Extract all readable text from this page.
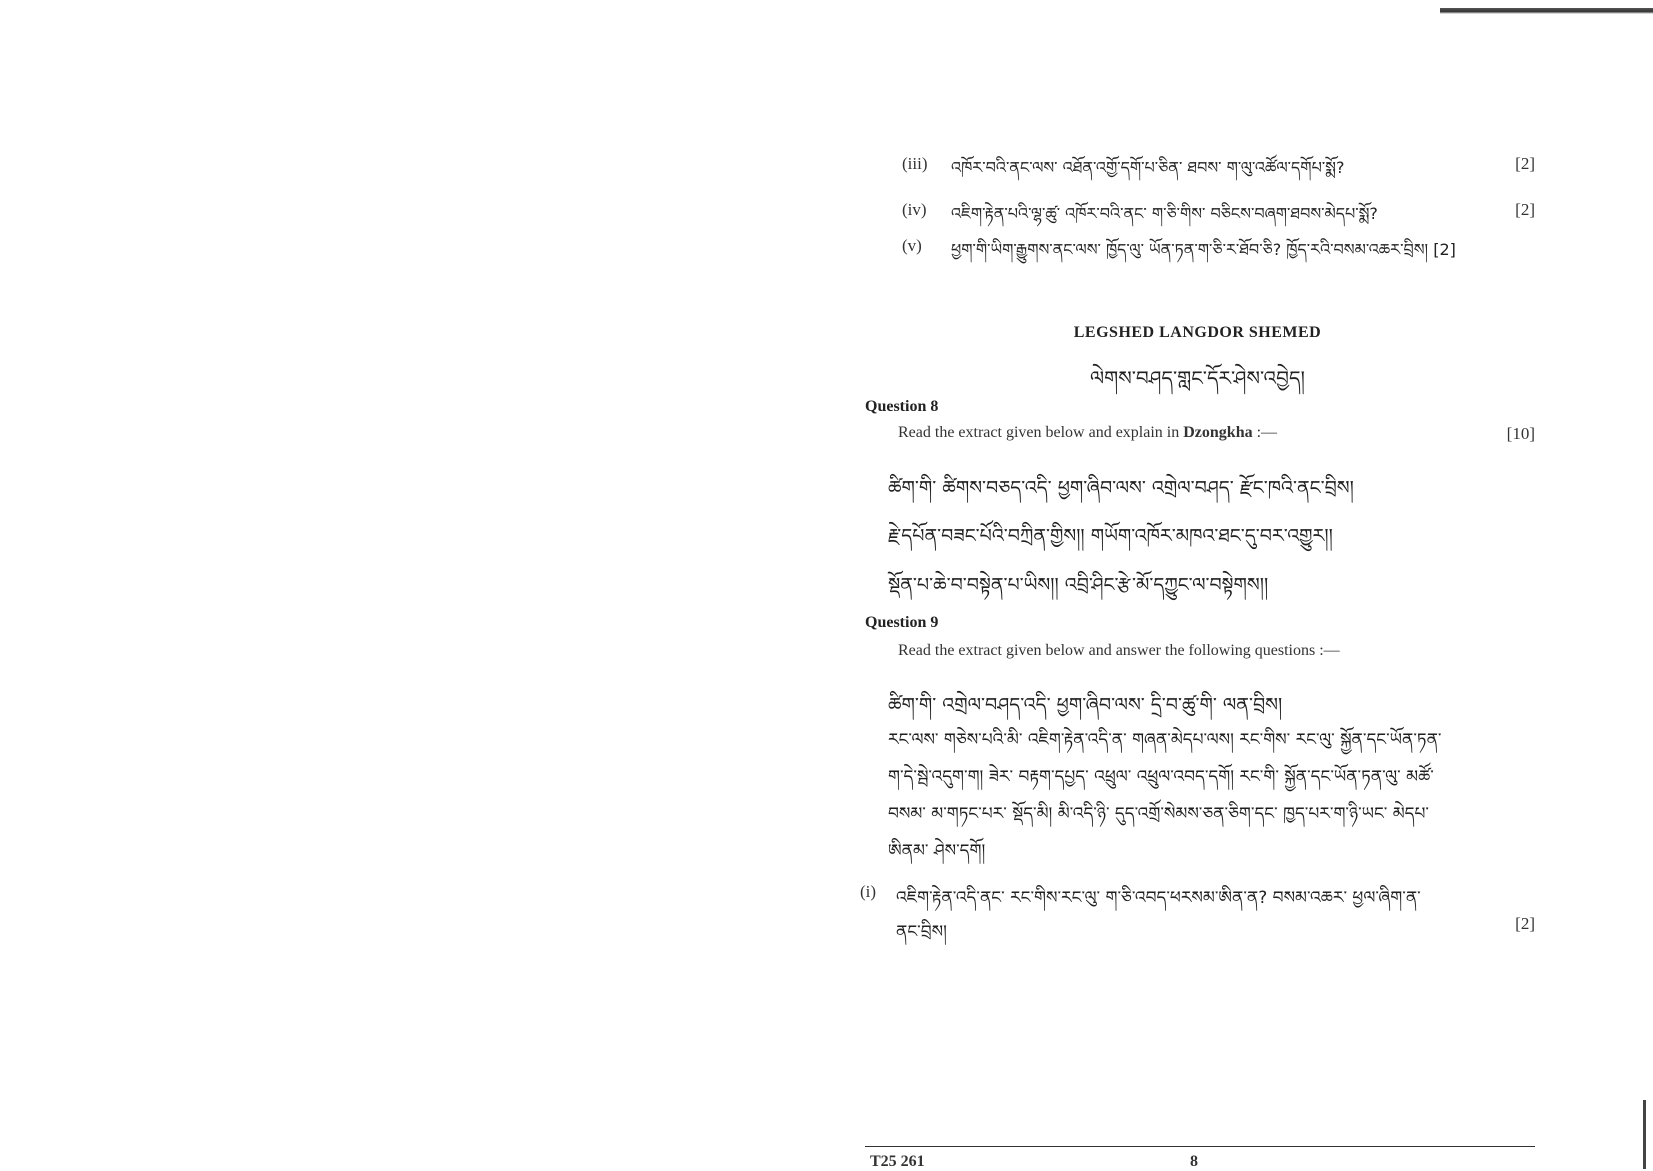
(iii) འཁོར་བའི་ནང་ལས་ འཐོན་འགྱོ་དགོ་པ་ཅིན་ ཐབས་ ག་ལུ་འཚོལ་དགོཔ་སྨོ?	[2]
(iv) འཇིག་རྟེན་པའི་ལྷ་ཚུ་ འཁོར་བའི་ནང་ ག་ཅི་གིས་ བཅིངས་བཞག་ཐབས་མེདཔ་སྨོ?	[2]
(v) ཕྱག་གི་ཡིག་རྒྱུགས་ནང་ལས་ ཁྱོད་ལུ་ ཡོན་ཏན་ག་ཅི་ར་ཐོབ་ཅི? ཁྱོད་རའི་བསམ་འཆར་བྲིས། [2]
LEGSHED LANGDOR SHEMED
ལེགས་བཤད་གླང་དོར་ཤེས་འབྱེད།
Question 8
Read the extract given below and explain in Dzongkha :—	[10]
ཚིག་གི་ ཚིགས་བཅད་འདི་ ཕྱག་ཞིབ་ལས་ འགྲེལ་བཤད་ རྫོང་ཁའི་ནང་བྲིས།
རྗེ་དཔོན་བཟང་པོའི་བཀྲིན་གྱིས།། གཡོག་འཁོར་མཁའ་ཐང་དུ་བར་འགྱུར།།
སྡོན་པ་ཆེ་བ་བསྟེན་པ་ཡིས།། འབྲི་ཤིང་རྩེ་མོ་དཀྱུང་ལ་བསྟེགས།།
Question 9
Read the extract given below and answer the following questions :—
ཚིག་གི་ འགྲེལ་བཤད་འདི་ ཕྱག་ཞིབ་ལས་ དྲི་བ་ཚུ་གི་ ལན་བྲིས།
རང་ལས་ གཅེས་པའི་མི་ འཇིག་རྟེན་འདི་ན་ གཞན་མེདཔ་ལས། རང་གིས་ རང་ལུ་ སྐྱོན་དང་ཡོན་ཏན་
ག་དེ་སྦེ་འདུག་ག། ཟེར་ བརྟག་དཔྱད་ འཕྲུལ་ འཕྲུལ་འབད་དགོ། རང་གི་ སྐྱོན་དང་ཡོན་ཏན་ལུ་ མཚོ་
བསམ་ མ་གཏང་པར་ སྡོད་མི། མི་འདི་ཉི་ དུད་འགྲོ་སེམས་ཅན་ཅིག་དང་ ཁྱད་པར་ག་ཉི་ཡང་ མེདཔ་
ཨིནམ་ ཤེས་དགོ།
(i) འཇིག་རྟེན་འདི་ནང་ རང་གིས་རང་ལུ་ ག་ཅི་འབད་ཕརསམ་ཨིན་ན? བསམ་འཆར་ ཕྱལ་ཞིག་ན་
ནང་བྲིས།	[2]
T25 261	8
